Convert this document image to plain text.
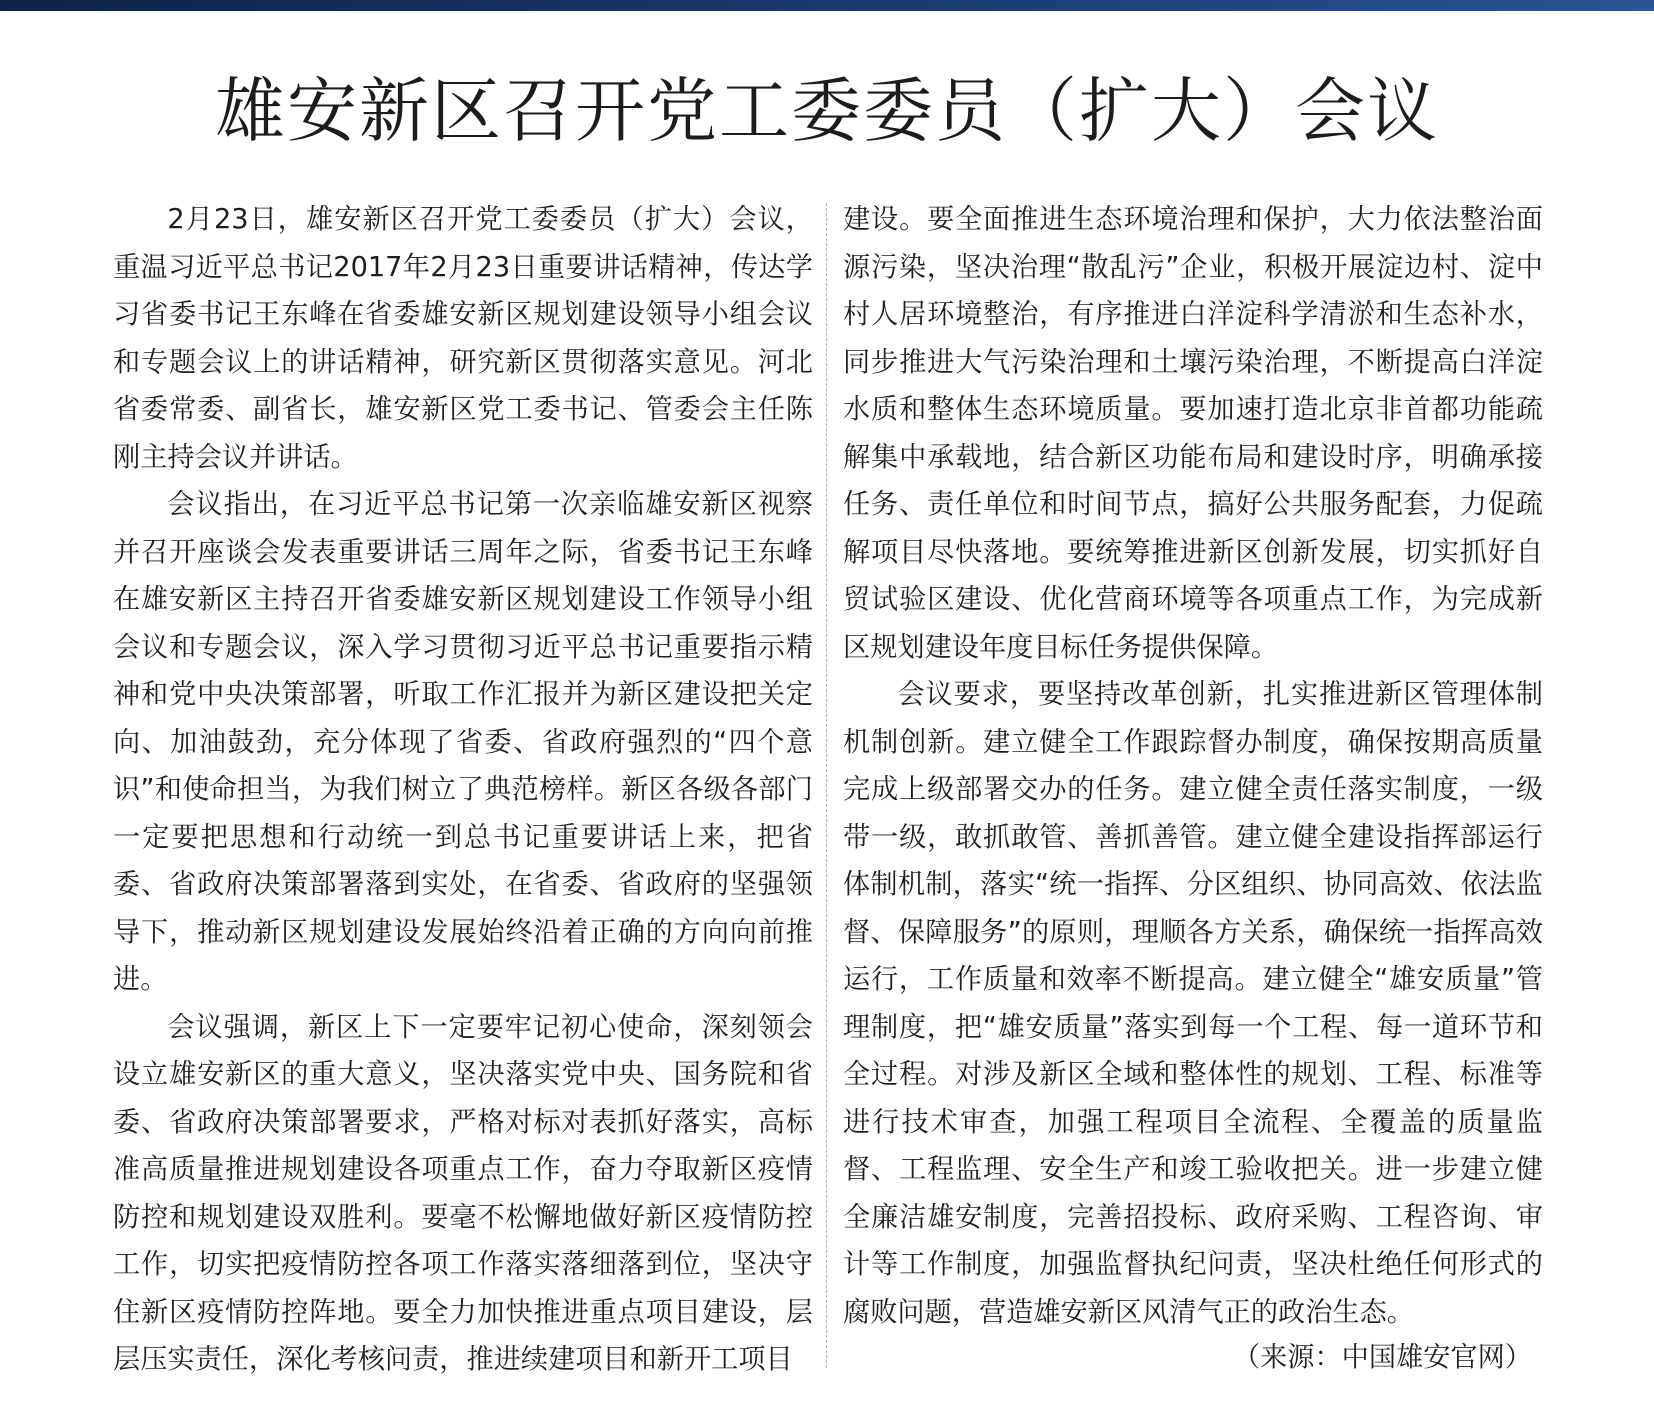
雄安新区召开党工委委员（扩大）会议

2月23日，雄安新区召开党工委委员（扩大）会议，重温习近平总书记2017年2月23日重要讲话精神，传达学习省委书记王东峰在省委雄安新区规划建设领导小组会议和专题会议上的讲话精神，研究新区贯彻落实意见。河北省委常委、副省长，雄安新区党工委书记、管委会主任陈刚主持会议并讲话。

会议指出，在习近平总书记第一次亲临雄安新区视察并召开座谈会发表重要讲话三周年之际，省委书记王东峰在雄安新区主持召开省委雄安新区规划建设工作领导小组会议和专题会议，深入学习贯彻习近平总书记重要指示精神和党中央决策部署，听取工作汇报并为新区建设把关定向、加油鼓劲，充分体现了省委、省政府强烈的“四个意识”和使命担当，为我们树立了典范榜样。新区各级各部门一定要把思想和行动统一到总书记重要讲话上来，把省委、省政府决策部署落到实处，在省委、省政府的坚强领导下，推动新区规划建设发展始终沿着正确的方向向前推进。

会议强调，新区上下一定要牢记初心使命，深刻领会设立雄安新区的重大意义，坚决落实党中央、国务院和省委、省政府决策部署要求，严格对标对表抓好落实，高标准高质量推进规划建设各项重点工作，奋力夺取新区疫情防控和规划建设双胜利。要毫不松懈地做好新区疫情防控工作，切实把疫情防控各项工作落实落细落到位，坚决守住新区疫情防控阵地。要全力加快推进重点项目建设，层层压实责任，深化考核问责，推进续建项目和新开工项目

建设。要全面推进生态环境治理和保护，大力依法整治面源污染，坚决治理“散乱污”企业，积极开展淀边村、淀中村人居环境整治，有序推进白洋淀科学清淤和生态补水，同步推进大气污染治理和土壤污染治理，不断提高白洋淀水质和整体生态环境质量。要加速打造北京非首都功能疏解集中承载地，结合新区功能布局和建设时序，明确承接任务、责任单位和时间节点，搞好公共服务配套，力促疏解项目尽快落地。要统筹推进新区创新发展，切实抓好自贸试验区建设、优化营商环境等各项重点工作，为完成新区规划建设年度目标任务提供保障。

会议要求，要坚持改革创新，扎实推进新区管理体制机制创新。建立健全工作跟踪督办制度，确保按期高质量完成上级部署交办的任务。建立健全责任落实制度，一级带一级，敢抓敢管、善抓善管。建立健全建设指挥部运行体制机制，落实“统一指挥、分区组织、协同高效、依法监督、保障服务”的原则，理顺各方关系，确保统一指挥高效运行，工作质量和效率不断提高。建立健全“雄安质量”管理制度，把“雄安质量”落实到每一个工程、每一道环节和全过程。对涉及新区全域和整体性的规划、工程、标准等进行技术审查，加强工程项目全流程、全覆盖的质量监督、工程监理、安全生产和竣工验收把关。进一步建立健全廉洁雄安制度，完善招投标、政府采购、工程咨询、审计等工作制度，加强监督执纪问责，坚决杜绝任何形式的腐败问题，营造雄安新区风清气正的政治生态。

（来源：中国雄安官网）
